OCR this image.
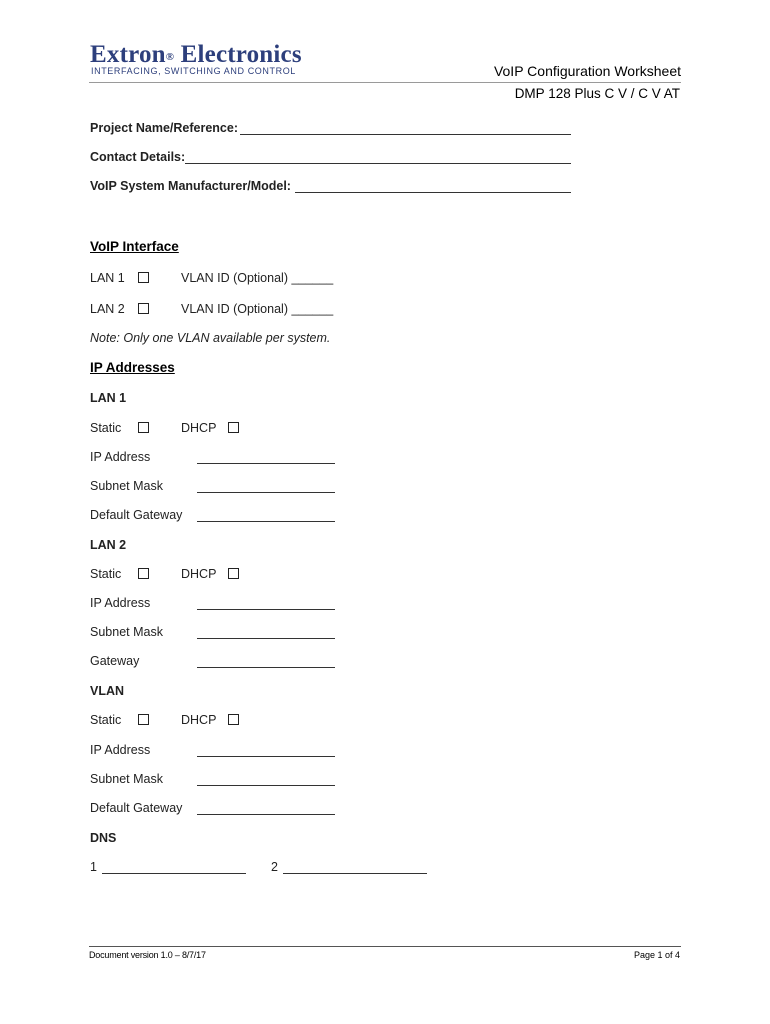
Extron® Electronics
INTERFACING, SWITCHING AND CONTROL	VoIP Configuration Worksheet
DMP 128 Plus C V / C V AT
Project Name/Reference:
Contact Details:
VoIP System Manufacturer/Model:
VoIP Interface
LAN 1	VLAN ID (Optional) ______
LAN 2	VLAN ID (Optional) ______
Note: Only one VLAN available per system.
IP Addresses
LAN 1
Static	DHCP
IP Address
Subnet Mask
Default Gateway
LAN 2
Static	DHCP
IP Address
Subnet Mask
Gateway
VLAN
Static	DHCP
IP Address
Subnet Mask
Default Gateway
DNS
1	2
Document version 1.0 – 8/7/17	Page 1 of 4
